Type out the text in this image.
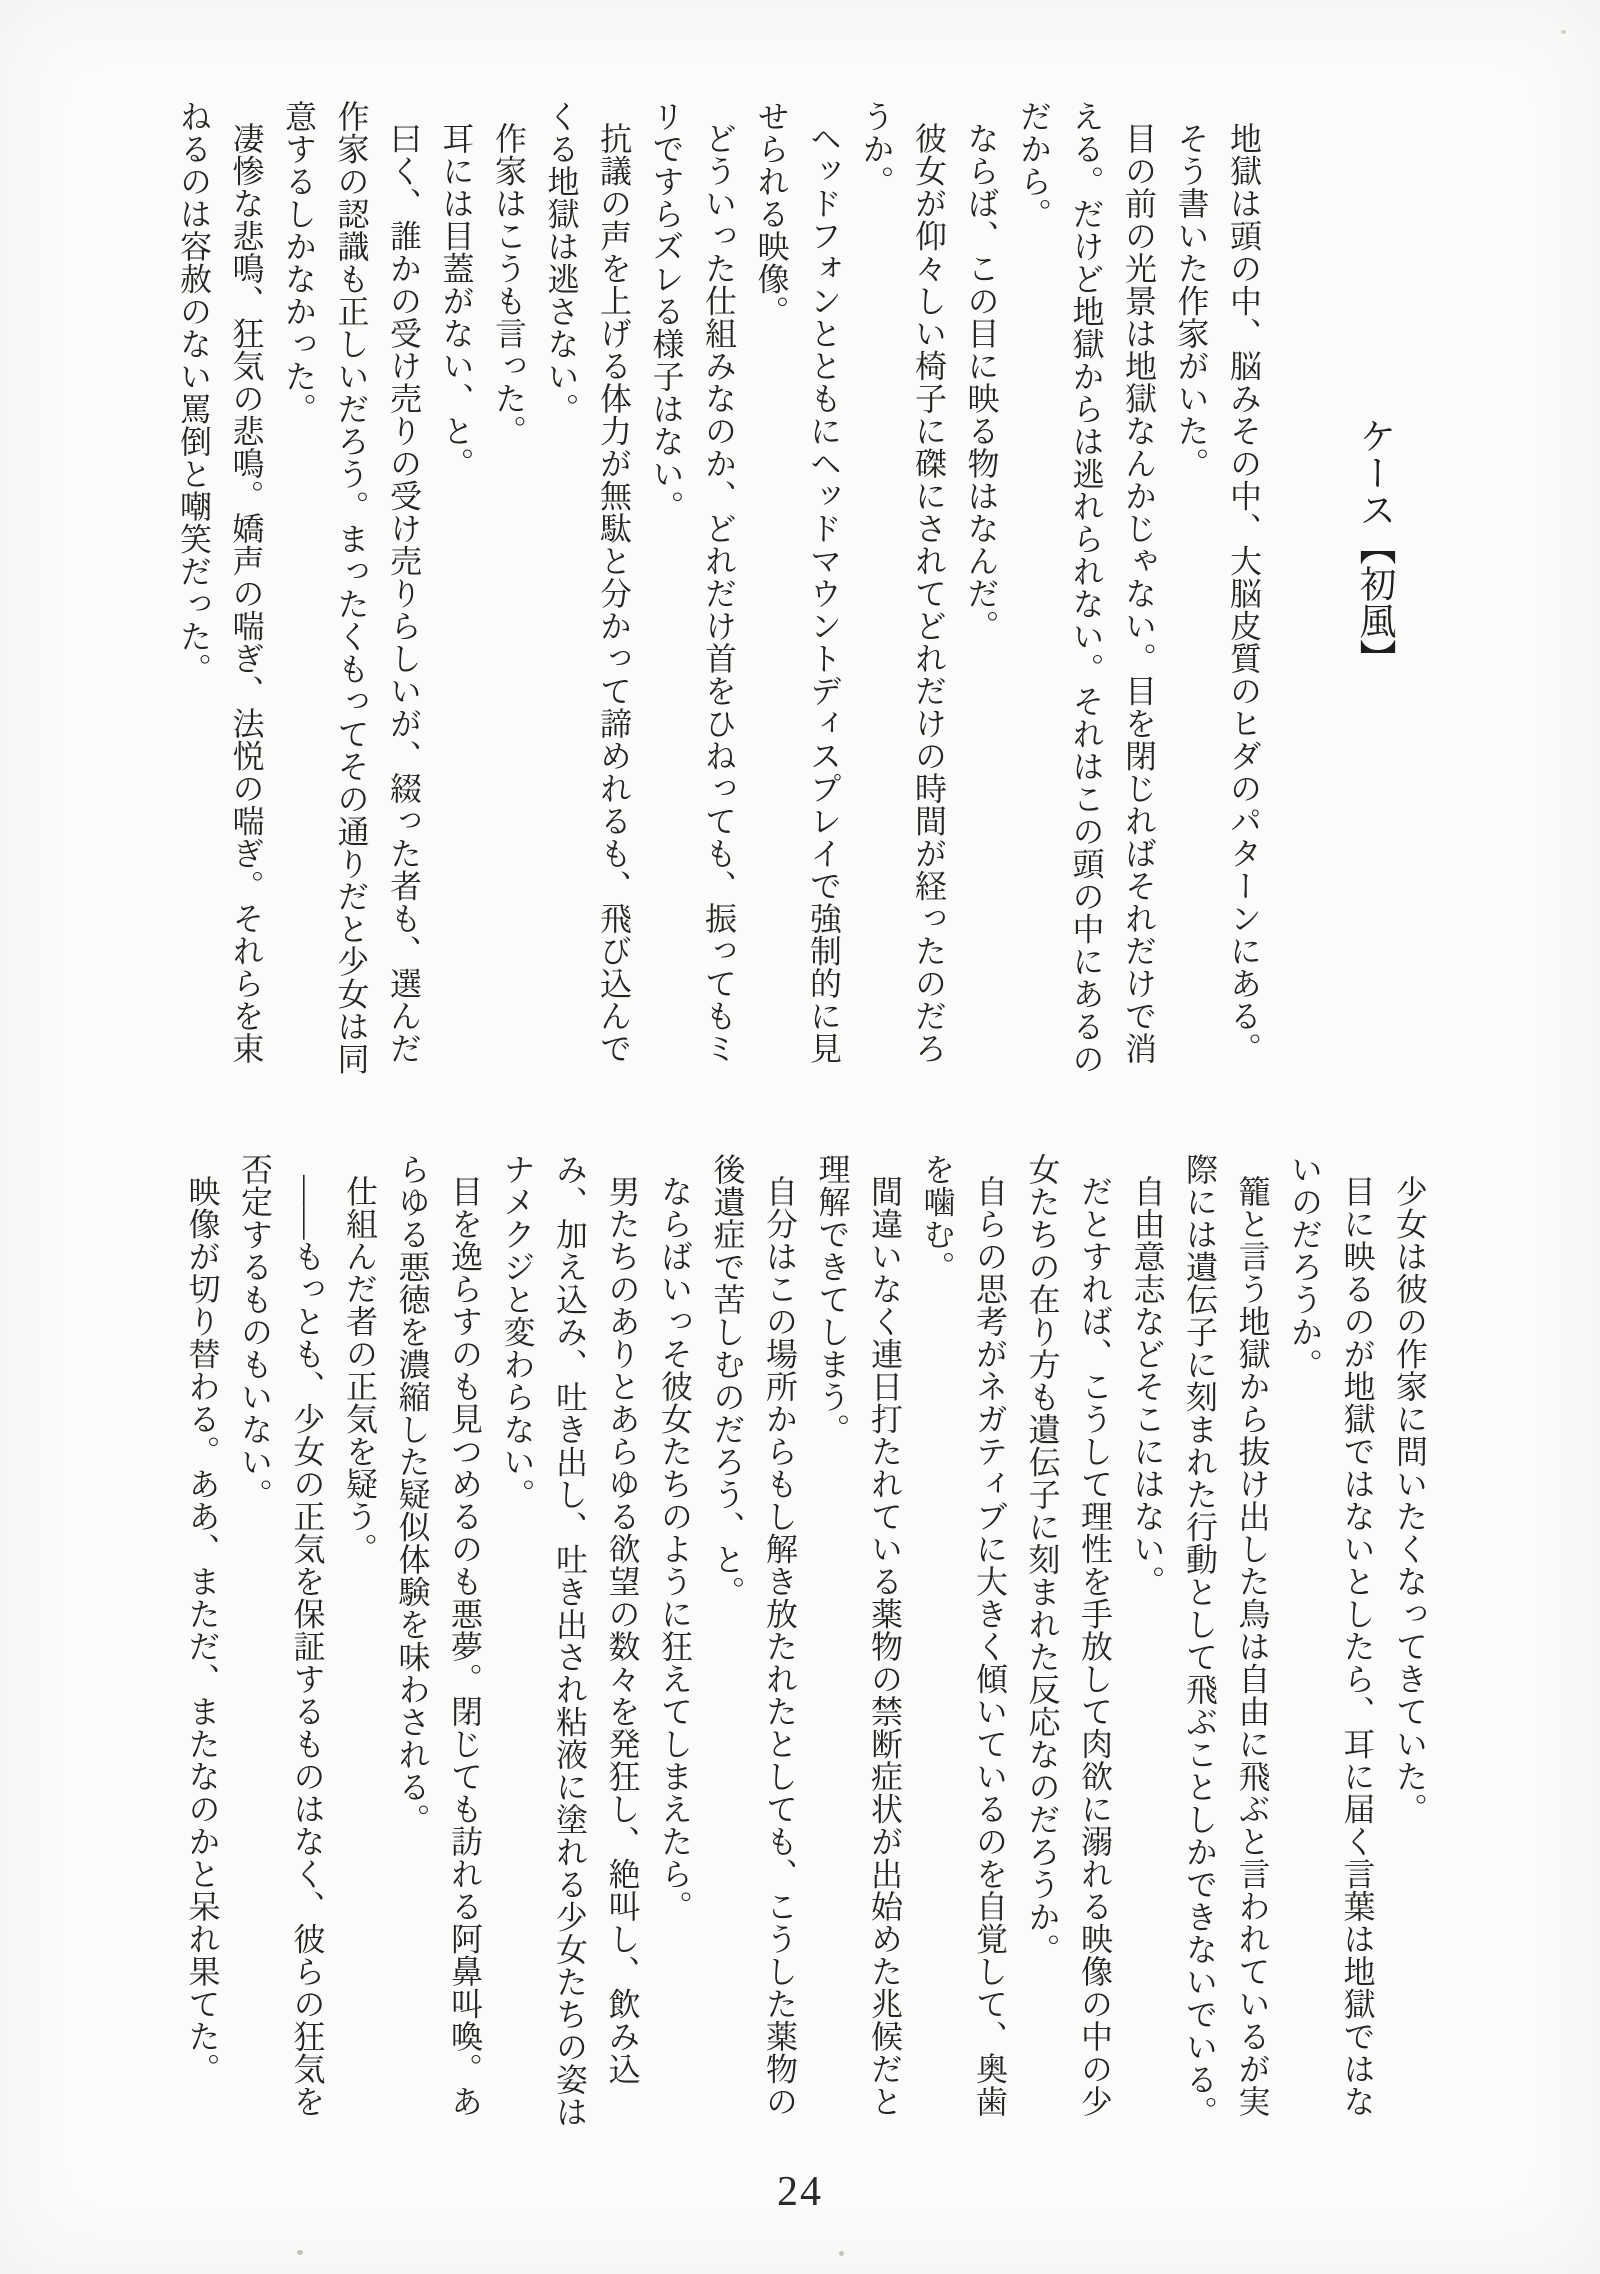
ケース【初風】

地獄は頭の中、脳みその中、大脳皮質のヒダのパターンにある。

そう書いた作家がいた。

目の前の光景は地獄なんかじゃない。目を閉じればそれだけで消える。だけど地獄からは逃れられない。それはこの頭の中にあるのだから。

ならば、この目に映る物はなんだ。

彼女が仰々しい椅子に磔にされてどれだけの時間が経ったのだろうか。

ヘッドフォンとともにヘッドマウントディスプレイで強制的に見せられる映像。

どういった仕組みなのか、どれだけ首をひねっても、振ってもミリですらズレる様子はない。

抗議の声を上げる体力が無駄と分かって諦めれるも、飛び込んでくる地獄は逃さない。

作家はこうも言った。

耳には目蓋がない、と。

曰く、誰かの受け売りの受け売りらしいが、綴った者も、選んだ作家の認識も正しいだろう。まったくもってその通りだと少女は同意するしかなかった。

凄惨な悲鳴、狂気の悲鳴。嬌声の喘ぎ、法悦の喘ぎ。それらを束ねるのは容赦のない罵倒と嘲笑だった。

少女は彼の作家に問いたくなってきていた。

目に映るのが地獄ではないとしたら、耳に届く言葉は地獄ではないのだろうか。

籠と言う地獄から抜け出した鳥は自由に飛ぶと言われているが実際には遺伝子に刻まれた行動として飛ぶことしかできないでいる。

自由意志などそこにはない。

だとすれば、こうして理性を手放して肉欲に溺れる映像の中の少女たちの在り方も遺伝子に刻まれた反応なのだろうか。

自らの思考がネガティブに大きく傾いているのを自覚して、奥歯を噛む。

間違いなく連日打たれている薬物の禁断症状が出始めた兆候だと理解できてしまう。

自分はこの場所からもし解き放たれたとしても、こうした薬物の後遺症で苦しむのだろう、と。

ならばいっそ彼女たちのように狂えてしまえたら。

男たちのありとあらゆる欲望の数々を発狂し、絶叫し、飲み込み、加え込み、吐き出し、吐き出され粘液に塗れる少女たちの姿はナメクジと変わらない。

目を逸らすのも見つめるのも悪夢。閉じても訪れる阿鼻叫喚。あらゆる悪徳を濃縮した疑似体験を味わされる。

仕組んだ者の正気を疑う。

――もっとも、少女の正気を保証するものはなく、彼らの狂気を否定するものもいない。

映像が切り替わる。ああ、まただ、またなのかと呆れ果てた。

24
